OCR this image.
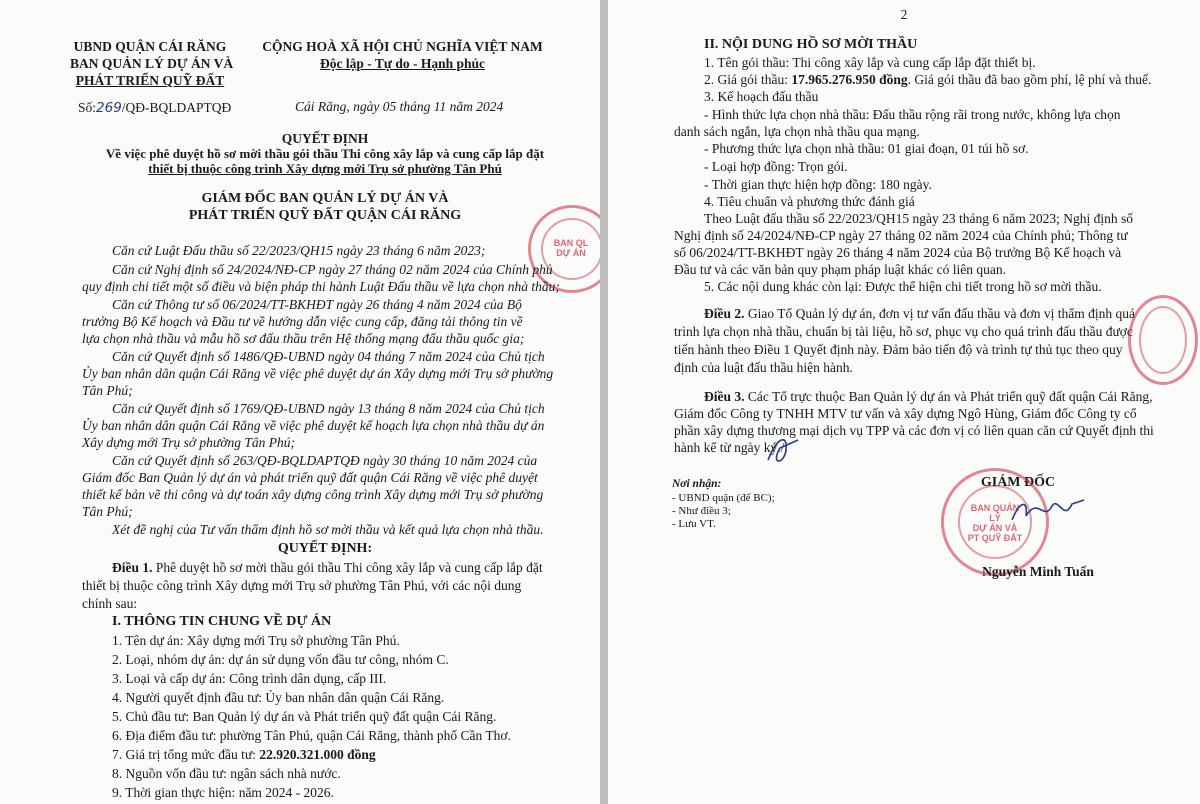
UBND QUẬN CÁI RĂNG
BAN QUẢN LÝ DỰ ÁN VÀ
PHÁT TRIỂN QUỸ ĐẤT
Số:269/QĐ-BQLDAPTQĐ
CỘNG HOÀ XÃ HỘI CHỦ NGHĨA VIỆT NAM
Độc lập - Tự do - Hạnh phúc
Cái Răng, ngày 05 tháng 11 năm 2024
QUYẾT ĐỊNH
Về việc phê duyệt hồ sơ mời thầu gói thầu Thi công xây lắp và cung cấp lắp đặt
thiết bị thuộc công trình Xây dựng mới Trụ sở phường Tân Phú
GIÁM ĐỐC BAN QUẢN LÝ DỰ ÁN VÀ
PHÁT TRIỂN QUỸ ĐẤT QUẬN CÁI RĂNG
BAN QL
DỰ ÁN
Căn cứ Luật Đấu thầu số 22/2023/QH15 ngày 23 tháng 6 năm 2023;
Căn cứ Nghị định số 24/2024/NĐ-CP ngày 27 tháng 02 năm 2024 của Chính phủ
quy định chi tiết một số điều và biện pháp thi hành Luật Đấu thầu về lựa chọn nhà thầu;
Căn cứ Thông tư số 06/2024/TT-BKHĐT ngày 26 tháng 4 năm 2024 của Bộ
trưởng Bộ Kế hoạch và Đầu tư về hướng dẫn việc cung cấp, đăng tải thông tin về
lựa chọn nhà thầu và mẫu hồ sơ đấu thầu trên Hệ thống mạng đấu thầu quốc gia;
Căn cứ Quyết định số 1486/QĐ-UBND ngày 04 tháng 7 năm 2024 của Chủ tịch
Ủy ban nhân dân quận Cái Răng về việc phê duyệt dự án Xây dựng mới Trụ sở phường
Tân Phú;
Căn cứ Quyết định số 1769/QĐ-UBND ngày 13 tháng 8 năm 2024 của Chủ tịch
Ủy ban nhân dân quận Cái Răng về việc phê duyệt kế hoạch lựa chọn nhà thầu dự án
Xây dựng mới Trụ sở phường Tân Phú;
Căn cứ Quyết định số 263/QĐ-BQLDAPTQĐ ngày 30 tháng 10 năm 2024 của
Giám đốc Ban Quản lý dự án và phát triển quỹ đất quận Cái Răng về việc phê duyệt
thiết kế bản vẽ thi công và dự toán xây dựng công trình Xây dựng mới Trụ sở phường
Tân Phú;
Xét đề nghị của Tư vấn thẩm định hồ sơ mời thầu và kết quả lựa chọn nhà thầu.
QUYẾT ĐỊNH:
Điều 1. Phê duyệt hồ sơ mời thầu gói thầu Thi công xây lắp và cung cấp lắp đặt
thiết bị thuộc công trình Xây dựng mới Trụ sở phường Tân Phú, với các nội dung
chính sau:
I. THÔNG TIN CHUNG VỀ DỰ ÁN
1. Tên dự án: Xây dựng mới Trụ sở phường Tân Phú.
2. Loại, nhóm dự án: dự án sử dụng vốn đầu tư công, nhóm C.
3. Loại và cấp dự án: Công trình dân dụng, cấp III.
4. Người quyết định đầu tư: Ủy ban nhân dân quận Cái Răng.
5. Chủ đầu tư: Ban Quản lý dự án và Phát triển quỹ đất quận Cái Răng.
6. Địa điểm đầu tư: phường Tân Phú, quận Cái Răng, thành phố Cần Thơ.
7. Giá trị tổng mức đầu tư: 22.920.321.000 đồng
8. Nguồn vốn đầu tư: ngân sách nhà nước.
9. Thời gian thực hiện: năm 2024 - 2026.
2
II. NỘI DUNG HỒ SƠ MỜI THẦU
1. Tên gói thầu: Thi công xây lắp và cung cấp lắp đặt thiết bị.
2. Giá gói thầu: 17.965.276.950 đồng. Giá gói thầu đã bao gồm phí, lệ phí và thuế.
3. Kế hoạch đấu thầu
- Hình thức lựa chọn nhà thầu: Đấu thầu rộng rãi trong nước, không lựa chọn
danh sách ngắn, lựa chọn nhà thầu qua mạng.
- Phương thức lựa chọn nhà thầu: 01 giai đoạn, 01 túi hồ sơ.
- Loại hợp đồng: Trọn gói.
- Thời gian thực hiện hợp đồng: 180 ngày.
4. Tiêu chuẩn và phương thức đánh giá
Theo Luật đấu thầu số 22/2023/QH15 ngày 23 tháng 6 năm 2023; Nghị định số
Nghị định số 24/2024/NĐ-CP ngày 27 tháng 02 năm 2024 của Chính phủ; Thông tư
số 06/2024/TT-BKHĐT ngày 26 tháng 4 năm 2024 của Bộ trưởng Bộ Kế hoạch và
Đầu tư và các văn bản quy phạm pháp luật khác có liên quan.
5. Các nội dung khác còn lại: Được thể hiện chi tiết trong hồ sơ mời thầu.
Điều 2. Giao Tổ Quản lý dự án, đơn vị tư vấn đấu thầu và đơn vị thẩm định quá
trình lựa chọn nhà thầu, chuẩn bị tài liệu, hồ sơ, phục vụ cho quá trình đấu thầu được
tiến hành theo Điều 1 Quyết định này. Đảm bảo tiến độ và trình tự thủ tục theo quy
định của luật đấu thầu hiện hành.
Điều 3. Các Tổ trực thuộc Ban Quản lý dự án và Phát triển quỹ đất quận Cái Răng,
Giám đốc Công ty TNHH MTV tư vấn và xây dựng Ngô Hùng, Giám đốc Công ty cổ
phần xây dựng thương mại dịch vụ TPP và các đơn vị có liên quan căn cứ Quyết định thi
hành kể từ ngày ký./.
Nơi nhận:
- UBND quận (để BC);
- Như điều 3;
- Lưu VT.
GIÁM ĐỐC
BAN QUẢN LÝ
DỰ ÁN VÀ
PT QUỸ ĐẤT
Nguyễn Minh Tuấn
